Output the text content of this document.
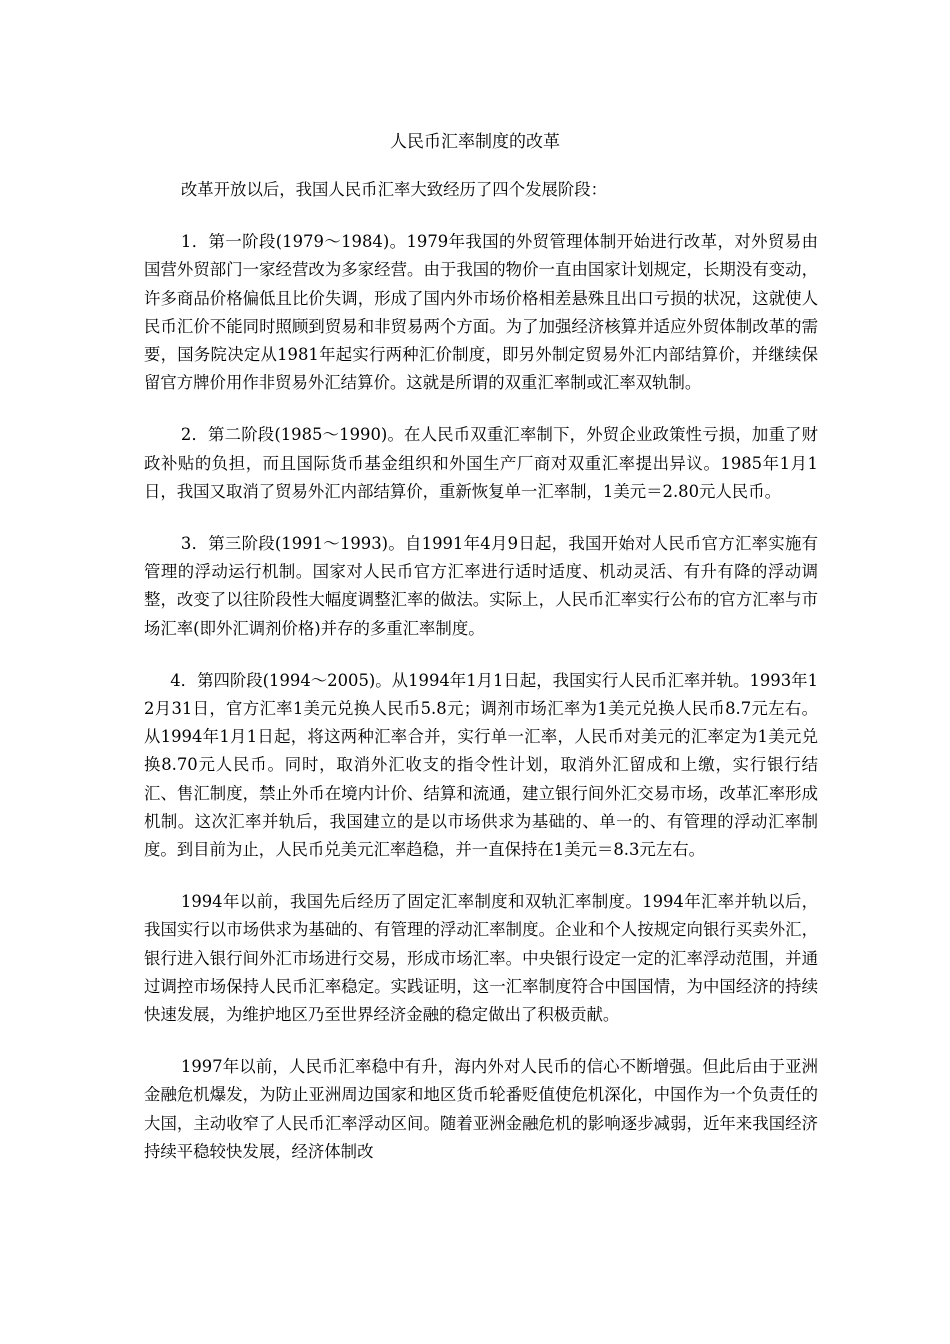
人民币汇率制度的改革

改革开放以后，我国人民币汇率大致经历了四个发展阶段：

1．第一阶段(1979～1984)。1979年我国的外贸管理体制开始进行改革，对外贸易由国营外贸部门一家经营改为多家经营。由于我国的物价一直由国家计划规定，长期没有变动，许多商品价格偏低且比价失调，形成了国内外市场价格相差悬殊且出口亏损的状况，这就使人民币汇价不能同时照顾到贸易和非贸易两个方面。为了加强经济核算并适应外贸体制改革的需要，国务院决定从1981年起实行两种汇价制度，即另外制定贸易外汇内部结算价，并继续保留官方牌价用作非贸易外汇结算价。这就是所谓的双重汇率制或汇率双轨制。

2．第二阶段(1985～1990)。在人民币双重汇率制下，外贸企业政策性亏损，加重了财政补贴的负担，而且国际货币基金组织和外国生产厂商对双重汇率提出异议。1985年1月1日，我国又取消了贸易外汇内部结算价，重新恢复单一汇率制，1美元＝2.80元人民币。

3．第三阶段(1991～1993)。自1991年4月9日起，我国开始对人民币官方汇率实施有管理的浮动运行机制。国家对人民币官方汇率进行适时适度、机动灵活、有升有降的浮动调整，改变了以往阶段性大幅度调整汇率的做法。实际上，人民币汇率实行公布的官方汇率与市场汇率(即外汇调剂价格)并存的多重汇率制度。

4．第四阶段(1994～2005)。从1994年1月1日起，我国实行人民币汇率并轨。1993年12月31日，官方汇率1美元兑换人民币5.8元；调剂市场汇率为1美元兑换人民币8.7元左右。从1994年1月1日起，将这两种汇率合并，实行单一汇率，人民币对美元的汇率定为1美元兑换8.70元人民币。同时，取消外汇收支的指令性计划，取消外汇留成和上缴，实行银行结汇、售汇制度，禁止外币在境内计价、结算和流通，建立银行间外汇交易市场，改革汇率形成机制。这次汇率并轨后，我国建立的是以市场供求为基础的、单一的、有管理的浮动汇率制度。到目前为止，人民币兑美元汇率趋稳，并一直保持在1美元＝8.3元左右。

1994年以前，我国先后经历了固定汇率制度和双轨汇率制度。1994年汇率并轨以后，我国实行以市场供求为基础的、有管理的浮动汇率制度。企业和个人按规定向银行买卖外汇，银行进入银行间外汇市场进行交易，形成市场汇率。中央银行设定一定的汇率浮动范围，并通过调控市场保持人民币汇率稳定。实践证明，这一汇率制度符合中国国情，为中国经济的持续快速发展，为维护地区乃至世界经济金融的稳定做出了积极贡献。

1997年以前，人民币汇率稳中有升，海内外对人民币的信心不断增强。但此后由于亚洲金融危机爆发，为防止亚洲周边国家和地区货币轮番贬值使危机深化，中国作为一个负责任的大国，主动收窄了人民币汇率浮动区间。随着亚洲金融危机的影响逐步减弱，近年来我国经济持续平稳较快发展，经济体制改
